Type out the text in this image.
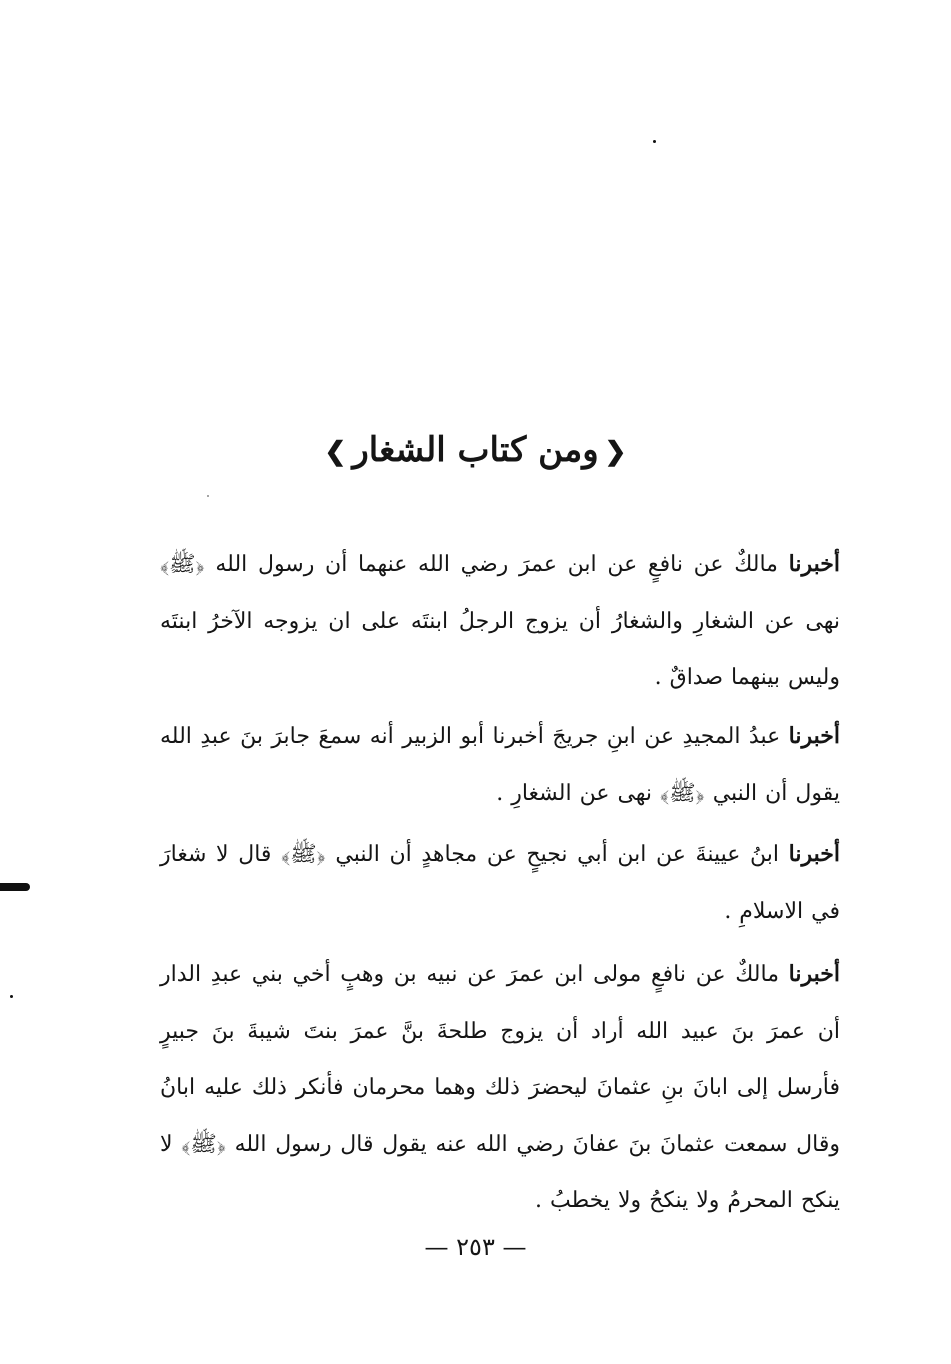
❮ومن كتاب الشغار❯
أخبرنا مالكٌ عن نافعٍ عن ابن عمرَ رضي الله عنهما أن رسول الله ﴿ﷺ﴾ نهى عن الشغارِ والشغارُ أن يزوج الرجلُ ابنتَه على ان يزوجه الآخرُ ابنتَه وليس بينهما صداقٌ .
أخبرنا عبدُ المجيدِ عن ابنِ جريجَ أخبرنا أبو الزبير أنه سمعَ جابرَ بنَ عبدِ الله يقول أن النبي ﴿ﷺ﴾ نهى عن الشغارِ .
أخبرنا ابنُ عيينةَ عن ابن أبي نجيحٍ عن مجاهدٍ أن النبي ﴿ﷺ﴾ قال لا شغارَ في الاسلامِ .
أخبرنا مالكٌ عن نافعٍ مولى ابن عمرَ عن نبيه بن وهبٍ أخي بني عبدِ الدار أن عمرَ بنَ عبيد الله أراد أن يزوج طلحةَ بنَّ عمرَ بنتَ شيبةَ بنَ جبيرٍ فأرسل إلى ابانَ بنِ عثمانَ ليحضرَ ذلك وهما محرمان فأنكر ذلك عليه ابانُ وقال سمعت عثمانَ بنَ عفانَ رضي الله عنه يقول قال رسول الله ﴿ﷺ﴾ لا ينكح المحرمُ ولا ينكحُ ولا يخطبُ .
— ٢٥٣ —
